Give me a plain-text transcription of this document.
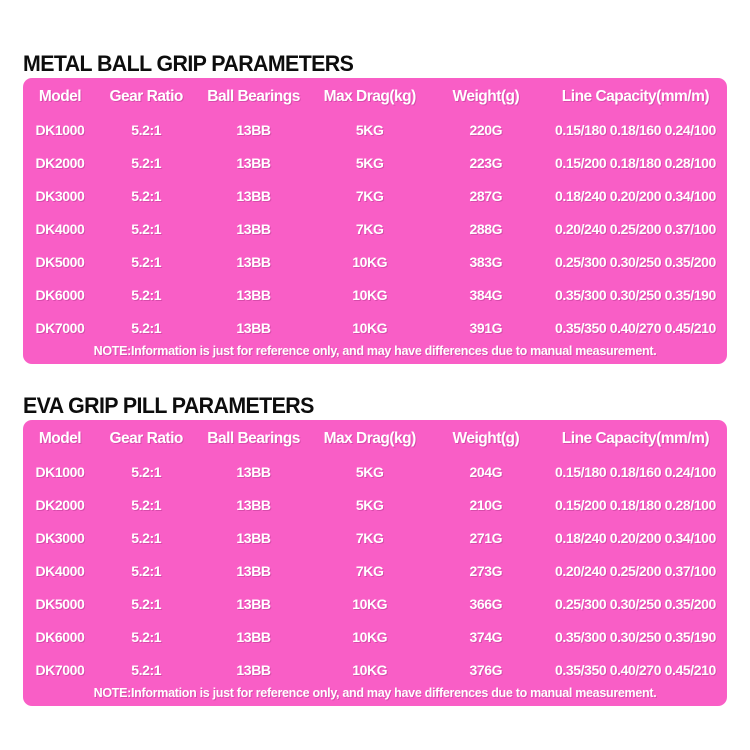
METAL BALL GRIP PARAMETERS
Model	Gear Ratio	Ball Bearings	Max Drag(kg)	Weight(g)	Line Capacity(mm/m)
DK1000	5.2:1	13BB	5KG	220G	0.15/180 0.18/160 0.24/100
DK2000	5.2:1	13BB	5KG	223G	0.15/200 0.18/180 0.28/100
DK3000	5.2:1	13BB	7KG	287G	0.18/240 0.20/200 0.34/100
DK4000	5.2:1	13BB	7KG	288G	0.20/240 0.25/200 0.37/100
DK5000	5.2:1	13BB	10KG	383G	0.25/300 0.30/250 0.35/200
DK6000	5.2:1	13BB	10KG	384G	0.35/300 0.30/250 0.35/190
DK7000	5.2:1	13BB	10KG	391G	0.35/350 0.40/270 0.45/210
NOTE:Information is just for reference only, and may have differences due to manual measurement.
EVA GRIP PILL PARAMETERS
Model	Gear Ratio	Ball Bearings	Max Drag(kg)	Weight(g)	Line Capacity(mm/m)
DK1000	5.2:1	13BB	5KG	204G	0.15/180 0.18/160 0.24/100
DK2000	5.2:1	13BB	5KG	210G	0.15/200 0.18/180 0.28/100
DK3000	5.2:1	13BB	7KG	271G	0.18/240 0.20/200 0.34/100
DK4000	5.2:1	13BB	7KG	273G	0.20/240 0.25/200 0.37/100
DK5000	5.2:1	13BB	10KG	366G	0.25/300 0.30/250 0.35/200
DK6000	5.2:1	13BB	10KG	374G	0.35/300 0.30/250 0.35/190
DK7000	5.2:1	13BB	10KG	376G	0.35/350 0.40/270 0.45/210
NOTE:Information is just for reference only, and may have differences due to manual measurement.
